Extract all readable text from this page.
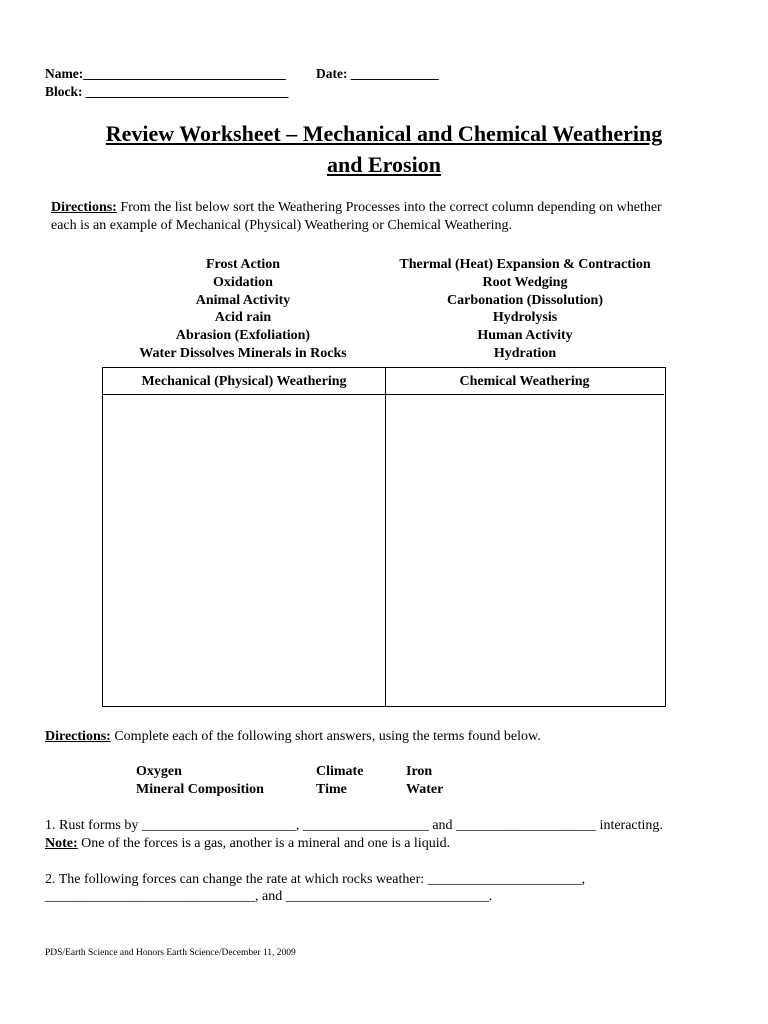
Name:______________________________ Date: _____________
Block: ______________________________
Review Worksheet – Mechanical and Chemical Weathering
and Erosion
Directions: From the list below sort the Weathering Processes into the correct column depending on whether
each is an example of Mechanical (Physical) Weathering or Chemical Weathering.
Frost Action
Oxidation
Animal Activity
Acid rain
Abrasion (Exfoliation)
Water Dissolves Minerals in Rocks
Thermal (Heat) Expansion & Contraction
Root Wedging
Carbonation (Dissolution)
Hydrolysis
Human Activity
Hydration
Mechanical (Physical) Weathering	Chemical Weathering
Directions: Complete each of the following short answers, using the terms found below.
Oxygen
Mineral Composition
Climate
Time
Iron
Water
1. Rust forms by ______________________, __________________ and ____________________ interacting.
Note: One of the forces is a gas, another is a mineral and one is a liquid.
2. The following forces can change the rate at which rocks weather: ______________________,
______________________________, and _____________________________.
PDS/Earth Science and Honors Earth Science/December 11, 2009
